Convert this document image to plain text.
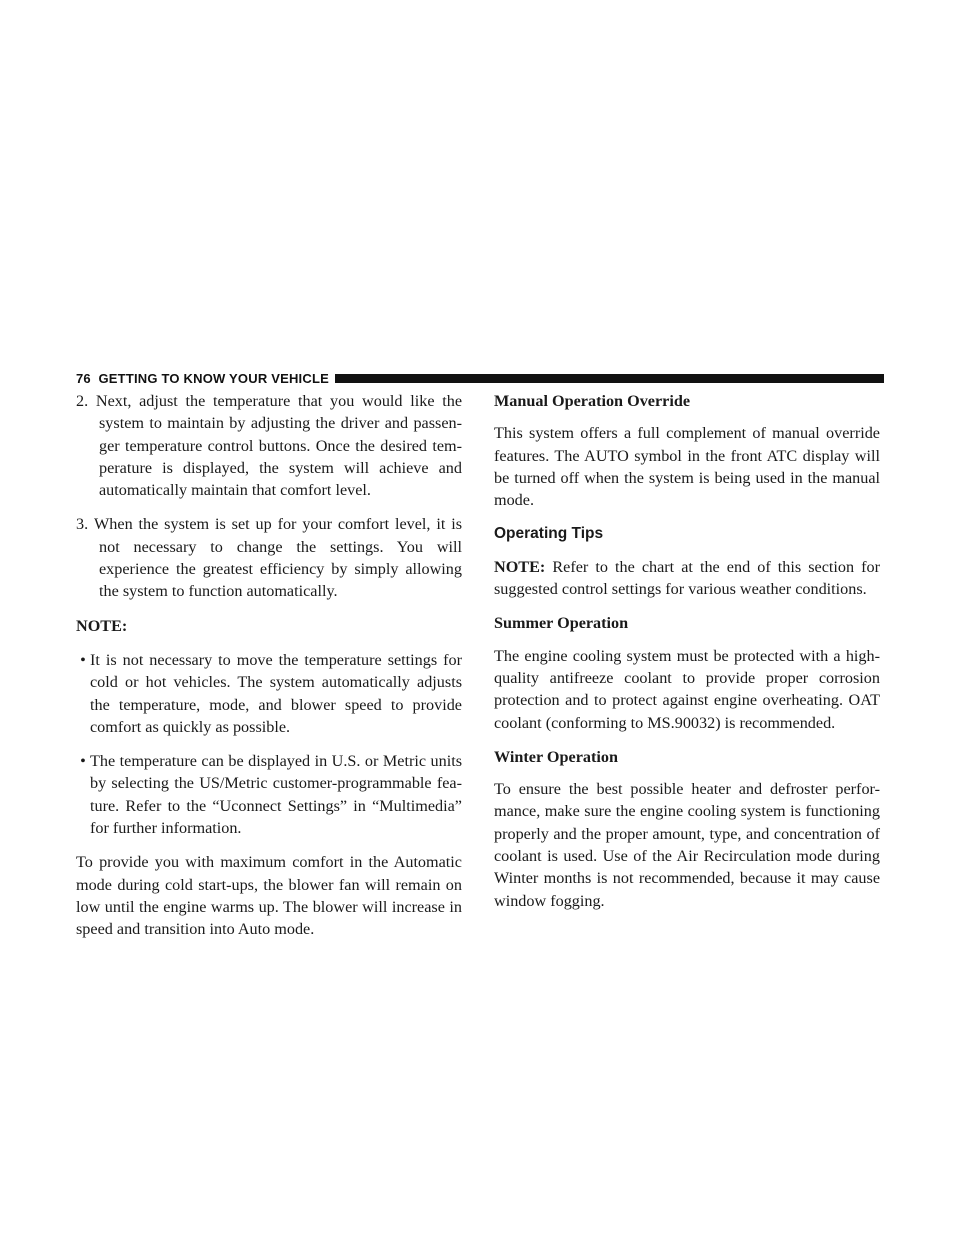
76 GETTING TO KNOW YOUR VEHICLE
2. Next, adjust the temperature that you would like the system to maintain by adjusting the driver and passen- ger temperature control buttons. Once the desired tem- perature is displayed, the system will achieve and automatically maintain that comfort level.
3. When the system is set up for your comfort level, it is not necessary to change the settings. You will experience the greatest efficiency by simply allowing the system to function automatically.
NOTE:
• It is not necessary to move the temperature settings for cold or hot vehicles. The system automatically adjusts the temperature, mode, and blower speed to provide comfort as quickly as possible.
• The temperature can be displayed in U.S. or Metric units by selecting the US/Metric customer-programmable fea- ture. Refer to the “Uconnect Settings” in “Multimedia” for further information.

To provide you with maximum comfort in the Automatic mode during cold start-ups, the blower fan will remain on low until the engine warms up. The blower will increase in speed and transition into Auto mode.

Manual Operation Override

This system offers a full complement of manual override features. The AUTO symbol in the front ATC display will be turned off when the system is being used in the manual mode.

Operating Tips

NOTE: Refer to the chart at the end of this section for suggested control settings for various weather conditions.

Summer Operation

The engine cooling system must be protected with a high-quality antifreeze coolant to provide proper corrosion protection and to protect against engine overheating. OAT coolant (conforming to MS.90032) is recommended.

Winter Operation

To ensure the best possible heater and defroster perfor- mance, make sure the engine cooling system is functioning properly and the proper amount, type, and concentration of coolant is used. Use of the Air Recirculation mode during Winter months is not recommended, because it may cause window fogging.
